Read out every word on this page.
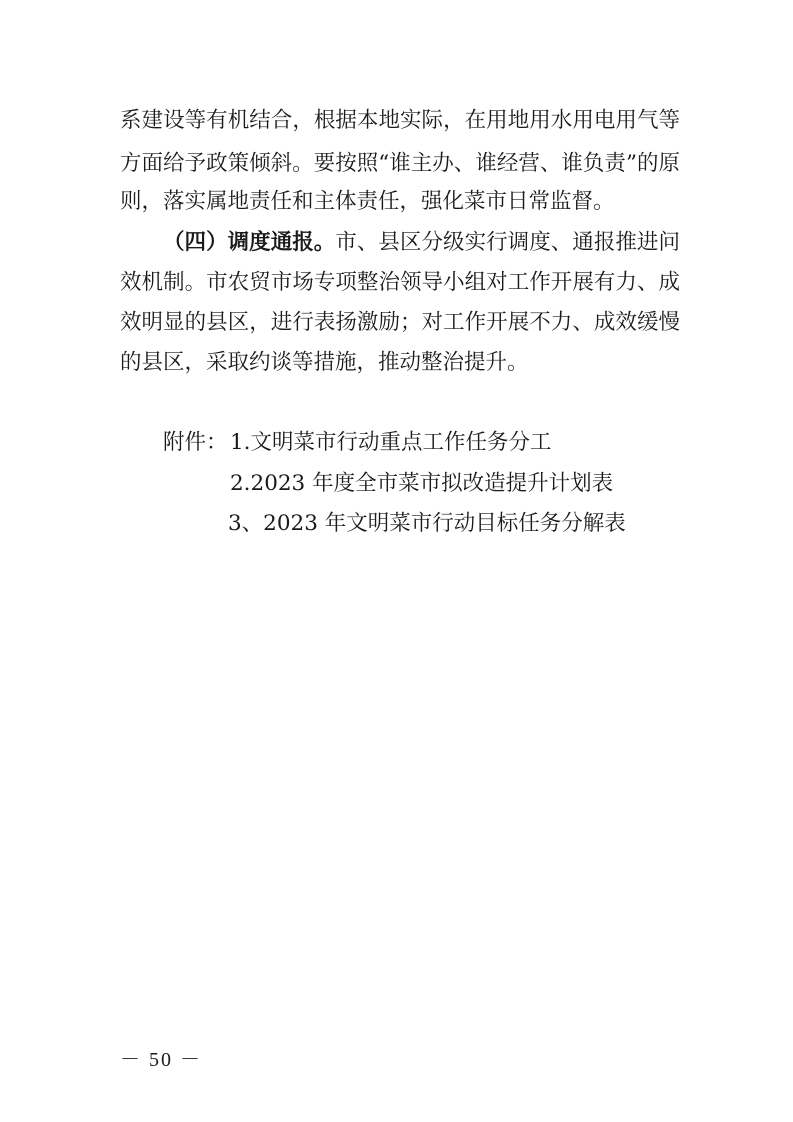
系建设等有机结合，根据本地实际，在用地用水用电用气等
方面给予政策倾斜。要按照“谁主办、谁经营、谁负责”的原
则，落实属地责任和主体责任，强化菜市日常监督。
（四）调度通报。市、县区分级实行调度、通报推进问
效机制。市农贸市场专项整治领导小组对工作开展有力、成
效明显的县区，进行表扬激励；对工作开展不力、成效缓慢
的县区，采取约谈等措施，推动整治提升。
附件： 1.文明菜市行动重点工作任务分工
2.2023 年度全市菜市拟改造提升计划表
3、2023 年文明菜市行动目标任务分解表
－ 50 －
